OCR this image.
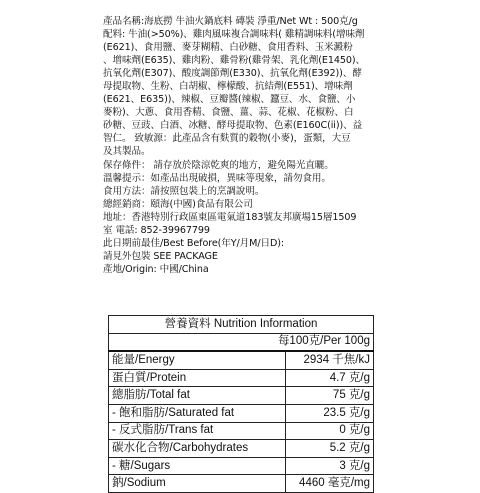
產品名稱:海底撈 牛油火鍋底料 磚裝 淨重/Net Wt : 500克/g
配料: 牛油(>50%)、雞肉風味複合調味料( 雞精調味料(增味劑
(E621)、食用鹽、麥芽糊精、白砂糖、食用香料、玉米澱粉
、增味劑(E635)、雞肉粉、雞骨粉(雞骨架、乳化劑(E1450)、
抗氧化劑(E307)、酸度調節劑(E330)、抗氧化劑(E392))、酵
母提取物、生粉、白胡椒、檸檬酸、抗結劑(E551)、增味劑
(E621、E635))、辣椒、豆瓣醬(辣椒、蠶豆、水、食鹽、小
麥粉)、大蔥、食用香精、食鹽、薑、蒜、花椒、花椒粉、白
砂糖、豆豉、白酒、冰糖、酵母提取物、色素(E160C(ii))、益
智仁。 致敏源：此產品含有麩質的穀物(小麥)，蛋類，大豆
及其製品。
保存條件： 請存放於陰涼乾爽的地方，避免陽光直曬。
溫馨提示：如產品出現破損，異味等現象，請勿食用。
食用方法：請按照包裝上的烹調說明。
總經銷商：頤海(中國)食品有限公司
地址：香港特別行政區東區電氣道183號友邦廣場15層1509
室 電話: 852-39967799
此日期前最佳/Best Before(年Y/月M/日D):
請見外包裝 SEE PACKAGE
產地/Origin: 中國/China
營養資料 Nutrition Information	
每100克/Per 100g	
能量/Energy	2934 千焦/kJ
蛋白質/Protein	4.7 克/g
總脂肪/Total fat	75 克/g
- 飽和脂肪/Saturated fat	23.5 克/g
- 反式脂肪/Trans fat	0 克/g
碳水化合物/Carbohydrates	5.2 克/g
- 糖/Sugars	3 克/g
鈉/Sodium	4460 毫克/mg
